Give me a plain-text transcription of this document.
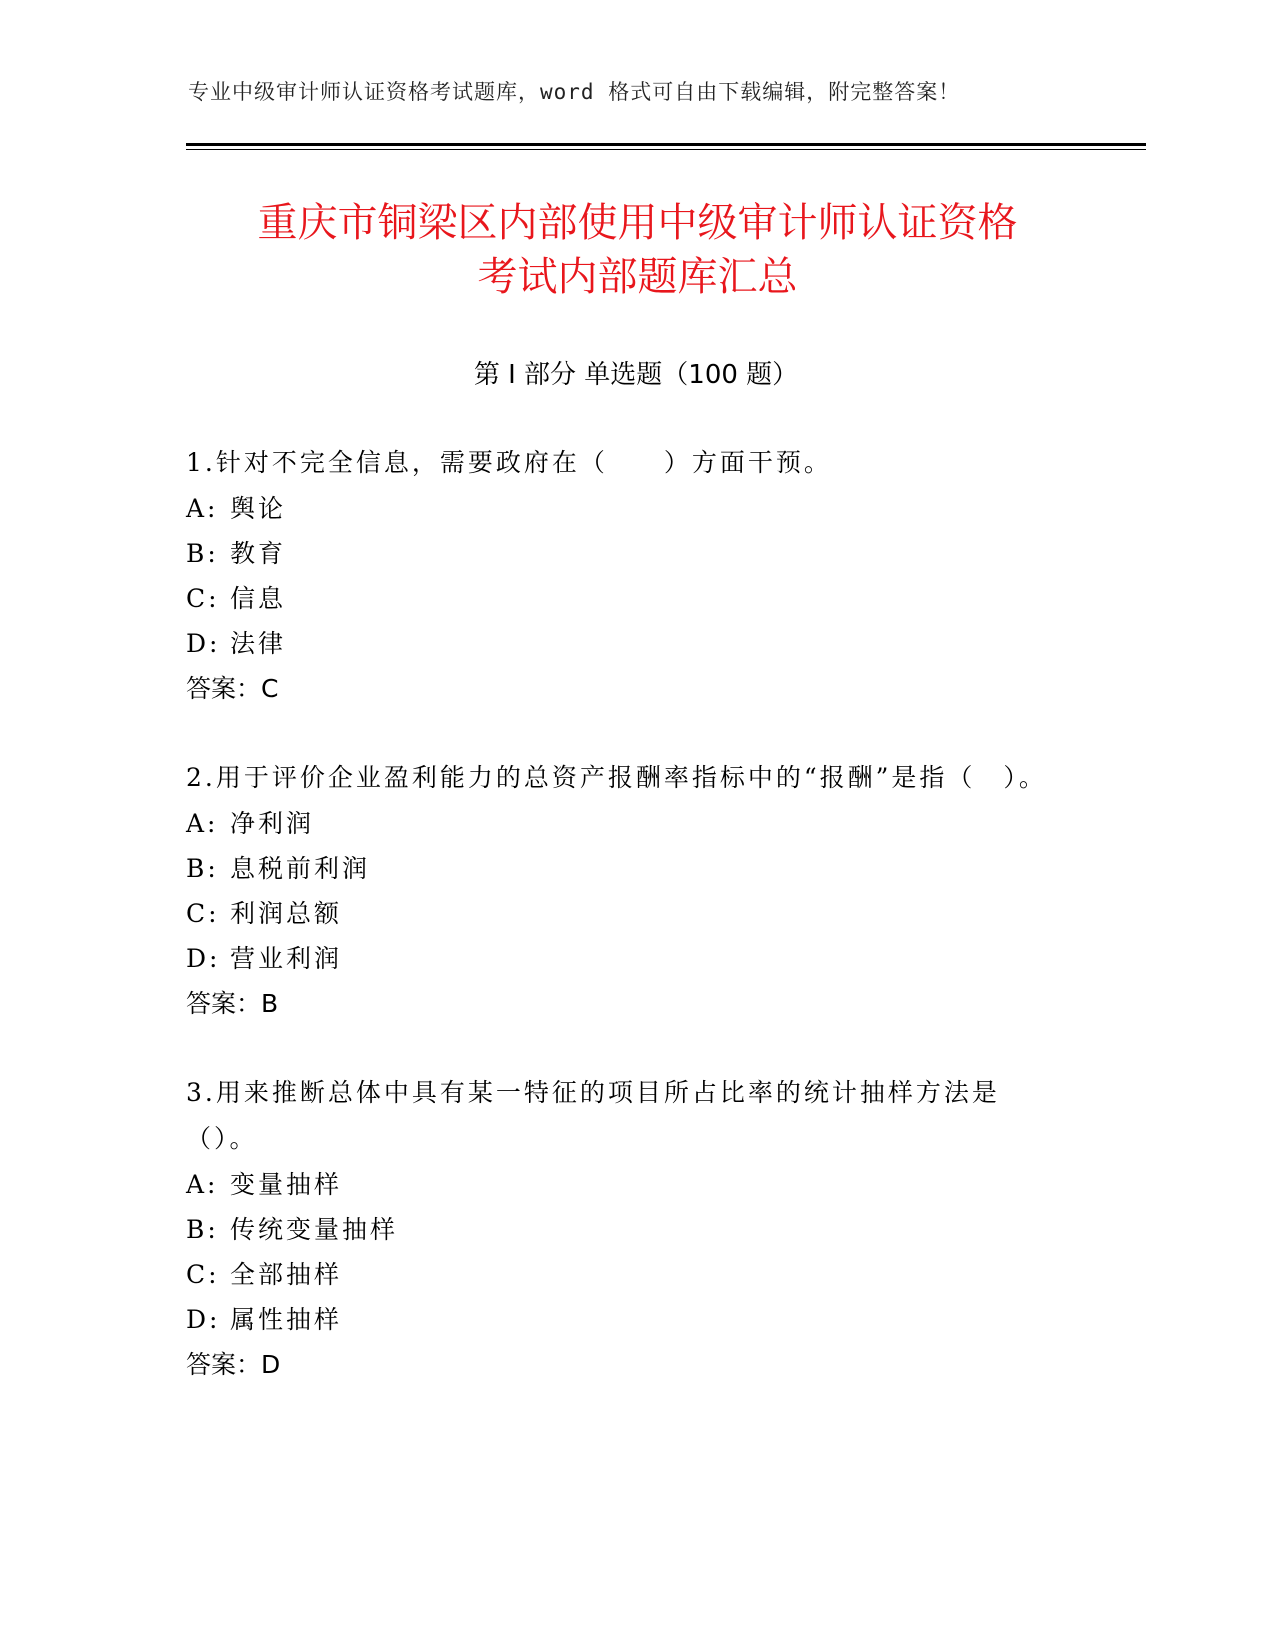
专业中级审计师认证资格考试题库，word 格式可自由下载编辑，附完整答案！
重庆市铜梁区内部使用中级审计师认证资格
考试内部题库汇总
第 I 部分 单选题（100 题）
1.针对不完全信息，需要政府在（　　）方面干预。
A: 舆论
B: 教育
C: 信息
D: 法律
答案：C
2.用于评价企业盈利能力的总资产报酬率指标中的“报酬”是指（　）。
A: 净利润
B: 息税前利润
C: 利润总额
D: 营业利润
答案：B
3.用来推断总体中具有某一特征的项目所占比率的统计抽样方法是（）。
A: 变量抽样
B: 传统变量抽样
C: 全部抽样
D: 属性抽样
答案：D
